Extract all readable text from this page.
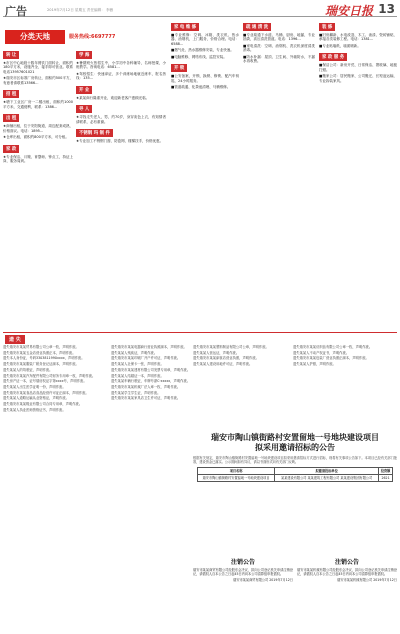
广告	2019年7月12日 星期五 责任编辑： 李薇	瑞安日报 13
分类天地	服务热线:6697777
转 让
★市区中心地段十数年餐饮门面转让，面积约180平方米，设施齐全，接手即可营业。联系电话13957601021
★瑞安市区标准厂房转让，面积约500平方，有意者请联系13566...
招 租
★塘下工业区厂房一二楼出租，面积约1000平方米，交通便利，联系：1386...
出 租
★商铺出租，位于安阳街道，周边配套成熟，价格面议。电话：1895...
★仓库出租，面积约800平方米，可分租。
家 政
★专业保洁、月嫂、育婴师、钟点工，持证上岗，服务周到。
学 海
★暑期班火热招生中，小学初中各科辅导，名师授课，小班教学。咨询电话：6581...
★驾校招生：快速拿证，多个训练场地就近练车，报名热线：135...
开 业
★某某商行隆重开业，欢迎新老客户惠顾光临。
寻 人
★寻找走失老人，男，约70岁，身穿灰色上衣，有知情者请联系，必有重谢。
不锈钢 玛 制 件
★专业加工不锈钢门窗、防盗网、楼梯扶手，价格优惠。
家 电 维 修
■专业维修：空调、冰箱、洗衣机、热水器、油烟机，上门服务，价格合理。电话：6588...
■燃气灶、热水器维修安装，专业快速。
■电脑维修、网络布线、监控安装。
开 锁
■公安备案，开锁、换锁、修锁、配汽车钥匙，24小时服务。
■管道疏通、化粪池清理、马桶维修。
疏 通 清 洗
■专业疏通下水道、马桶、厨房、地漏，专业抽粪，高压清洗管道。电话：1396...
■家电清洗：空调、油烟机、洗衣机深度清洗消毒。
■防水补漏：屋顶、卫生间、外墙防水，不漏水再收费。
装 修
■旧房翻新、水电改造、木工、油漆、瓷砖铺贴，承接各类装修工程。电话：1381...
■专业贴墙纸，墙面刷新。
家 政 服 务
■保洁公司：新房开荒、日常保洁、擦玻璃、地板打蜡。
■搬家公司：居民搬家、公司搬迁、长短途运输，专业拆装家具。
遗 失

遗失瑞安市某某贸易有限公司公章一枚，声明作废。

遗失瑞安市某某五金店营业执照正本，声明作废。

遗失本人身份证，号码3303811990xxxx，声明作废。

遗失瑞安市某某服装厂税务登记证副本，声明作废。

遗失某某人的驾驶证，声明作废。

遗失瑞安市某某汽车配件有限公司财务专用章一枚，声明作废。

遗失房产证一本，证号瑞房权证字第xxxx号，声明作废。

遗失某某人出生医学证明一份，声明作废。

遗失瑞安市某某食品店食品经营许可证正副本，声明作废。

遗失某某人道路运输从业资格证，声明作废。

遗失瑞安市某某鞋业有限公司合同专用章，声明作废。

遗失某某人执业医师资格证书，声明作废。

遗失瑞安市某某电器商行营业执照副本，声明作废。

遗失某某人残疾证，声明作废。

遗失瑞安市某某印刷厂开户许可证，声明作废。

遗失某某人社保卡一张，声明作废。

遗失瑞安市某某建材有限公司发票专用章，声明作废。

遗失某某人结婚证一本，声明作废。

遗失某某车辆行驶证，车牌号浙C·xxxxx，声明作废。

遗失瑞安市某某机械厂法人章一枚，声明作废。

遗失某某学生学生证，声明作废。

遗失瑞安市某某家具店卫生许可证，声明作废。

遗失瑞安市某某塑料制品有限公司公章，声明作废。

遗失某某人营运证，声明作废。

遗失瑞安市某某副食店营业执照，声明作废。

遗失某某人建设用地许可证，声明作废。

遗失瑞安市某某纺织品有限公司公章一枚，声明作废。

遗失某某人不动产权证书，声明作废。

遗失瑞安市某某包装厂营业执照正副本，声明作废。

遗失某某人护照，声明作废。

瑞安市陶山镇街路村安置留地一号地块建设项目
拟采用邀请招标的公告
根据有关规定，瑞安市陶山镇街路村安置留地一号地块建设项目拟采用邀请招标方式进行招标，现将有关事项公告如下。本项目已经有关部门批准，建设资金已落实。公示期间如有异议，请以书面形式向有关部门反映。
项目名称	拟邀请投标单位	投资额
瑞安市陶山镇街路村安置留地一号地块建设项目	某某建设有限公司 某某建筑工程有限公司 某某建设集团有限公司	2621
注销公告

瑞安市某某商贸有限公司经股东会决议，拟向公司登记机关申请注销登记，请债权人自本公告之日起45日内向本公司清算组申报债权。

瑞安市某某商贸有限公司 2019年7月12日

注销公告

瑞安市某某机械有限公司经股东会决议，拟向公司登记机关申请注销登记，请债权人自本公告之日起45日内向本公司清算组申报债权。

瑞安市某某机械有限公司 2019年7月12日
